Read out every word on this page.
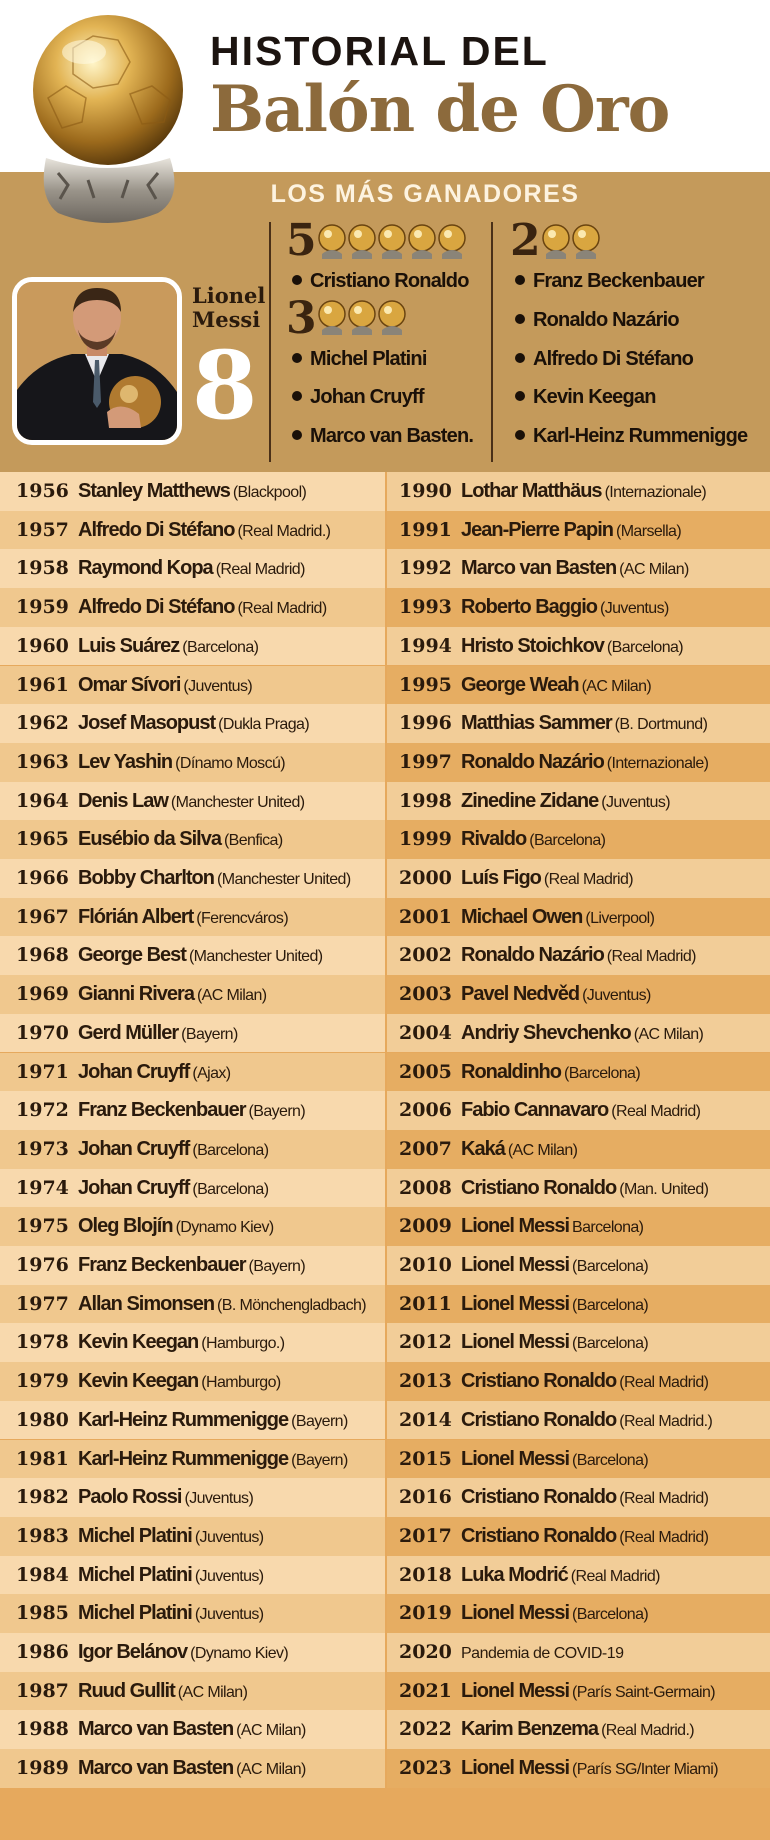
HISTORIAL DEL
Balón de Oro
LOS MÁS GANADORES
Lionel
Messi
8
5
Cristiano Ronaldo
3
Michel Platini
Johan Cruyff
Marco van Basten.
2
Franz Beckenbauer
Ronaldo Nazário
Alfredo Di Stéfano
Kevin Keegan
Karl-Heinz Rummenigge
1956 Stanley Matthews (Blackpool)
1957 Alfredo Di Stéfano (Real Madrid.)
1958 Raymond Kopa (Real Madrid)
1959 Alfredo Di Stéfano (Real Madrid)
1960 Luis Suárez (Barcelona)
1961 Omar Sívori (Juventus)
1962 Josef Masopust (Dukla Praga)
1963 Lev Yashin (Dínamo Moscú)
1964 Denis Law (Manchester United)
1965 Eusébio da Silva (Benfica)
1966 Bobby Charlton (Manchester United)
1967 Flórián Albert (Ferencváros)
1968 George Best (Manchester United)
1969 Gianni Rivera (AC Milan)
1970 Gerd Müller (Bayern)
1971 Johan Cruyff (Ajax)
1972 Franz Beckenbauer (Bayern)
1973 Johan Cruyff (Barcelona)
1974 Johan Cruyff (Barcelona)
1975 Oleg Blojín (Dynamo Kiev)
1976 Franz Beckenbauer (Bayern)
1977 Allan Simonsen (B. Mönchengladbach)
1978 Kevin Keegan (Hamburgo.)
1979 Kevin Keegan (Hamburgo)
1980 Karl-Heinz Rummenigge (Bayern)
1981 Karl-Heinz Rummenigge (Bayern)
1982 Paolo Rossi (Juventus)
1983 Michel Platini (Juventus)
1984 Michel Platini (Juventus)
1985 Michel Platini (Juventus)
1986 Igor Belánov (Dynamo Kiev)
1987 Ruud Gullit (AC Milan)
1988 Marco van Basten (AC Milan)
1989 Marco van Basten (AC Milan)
1990 Lothar Matthäus (Internazionale)
1991 Jean-Pierre Papin (Marsella)
1992 Marco van Basten (AC Milan)
1993 Roberto Baggio (Juventus)
1994 Hristo Stoichkov (Barcelona)
1995 George Weah (AC Milan)
1996 Matthias Sammer (B. Dortmund)
1997 Ronaldo Nazário (Internazionale)
1998 Zinedine Zidane (Juventus)
1999 Rivaldo (Barcelona)
2000 Luís Figo (Real Madrid)
2001 Michael Owen (Liverpool)
2002 Ronaldo Nazário (Real Madrid)
2003 Pavel Nedvěd (Juventus)
2004 Andriy Shevchenko (AC Milan)
2005 Ronaldinho (Barcelona)
2006 Fabio Cannavaro (Real Madrid)
2007 Kaká (AC Milan)
2008 Cristiano Ronaldo (Man. United)
2009 Lionel Messi Barcelona)
2010 Lionel Messi (Barcelona)
2011 Lionel Messi (Barcelona)
2012 Lionel Messi (Barcelona)
2013 Cristiano Ronaldo (Real Madrid)
2014 Cristiano Ronaldo (Real Madrid.)
2015 Lionel Messi (Barcelona)
2016 Cristiano Ronaldo (Real Madrid)
2017 Cristiano Ronaldo (Real Madrid)
2018 Luka Modrić (Real Madrid)
2019 Lionel Messi (Barcelona)
2020 Pandemia de COVID-19
2021 Lionel Messi (París Saint-Germain)
2022 Karim Benzema (Real Madrid.)
2023 Lionel Messi (París SG/Inter Miami)
